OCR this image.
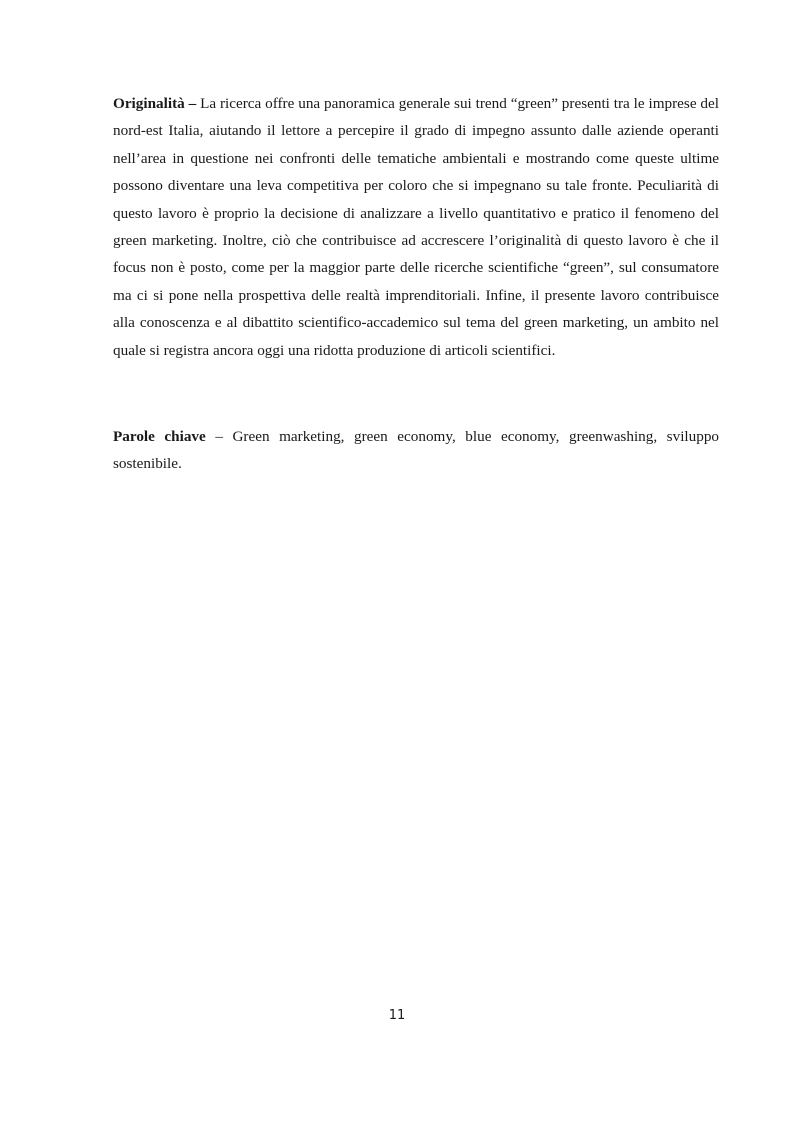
Originalità – La ricerca offre una panoramica generale sui trend “green” presenti tra le imprese del nord-est Italia, aiutando il lettore a percepire il grado di impegno assunto dalle aziende operanti nell’area in questione nei confronti delle tematiche ambientali e mostrando come queste ultime possono diventare una leva competitiva per coloro che si impegnano su tale fronte. Peculiarità di questo lavoro è proprio la decisione di analizzare a livello quantitativo e pratico il fenomeno del green marketing. Inoltre, ciò che contribuisce ad accrescere l’originalità di questo lavoro è che il focus non è posto, come per la maggior parte delle ricerche scientifiche “green”, sul consumatore ma ci si pone nella prospettiva delle realtà imprenditoriali. Infine, il presente lavoro contribuisce alla conoscenza e al dibattito scientifico-accademico sul tema del green marketing, un ambito nel quale si registra ancora oggi una ridotta produzione di articoli scientifici.

Parole chiave – Green marketing, green economy, blue economy, greenwashing, sviluppo sostenibile.

11
